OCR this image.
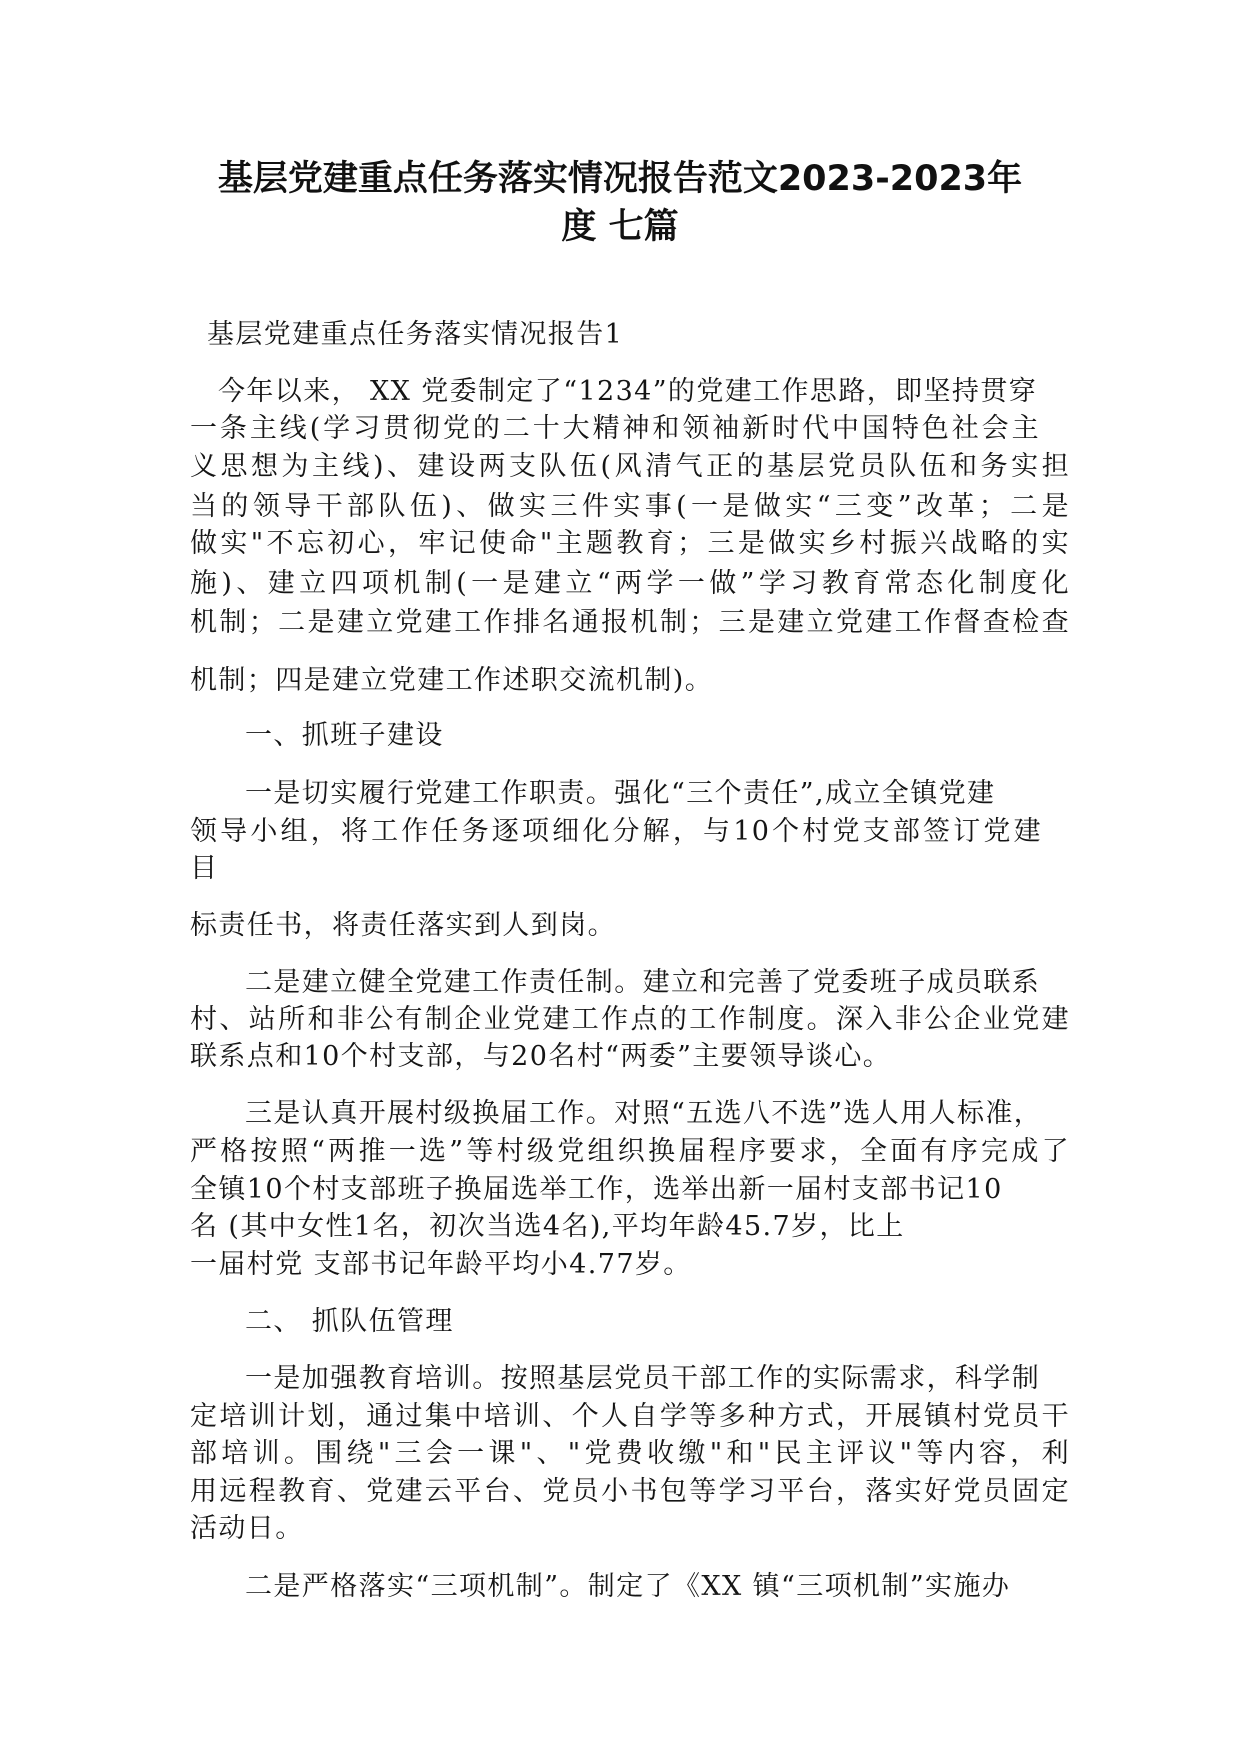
基层党建重点任务落实情况报告范文2023-2023年
度 七篇
基层党建重点任务落实情况报告1
今年以来， XX 党委制定了“1234”的党建工作思路，即坚持贯穿
一条主线(学习贯彻党的二十大精神和领袖新时代中国特色社会主
义思想为主线)、建设两支队伍(风清气正的基层党员队伍和务实担
当的领导干部队伍)、做实三件实事(一是做实“三变”改革；二是
做实"不忘初心，牢记使命"主题教育；三是做实乡村振兴战略的实
施)、建立四项机制(一是建立“两学一做”学习教育常态化制度化
机制；二是建立党建工作排名通报机制；三是建立党建工作督查检查
机制；四是建立党建工作述职交流机制)。
一、抓班子建设
一是切实履行党建工作职责。强化“三个责任”,成立全镇党建
领导小组，将工作任务逐项细化分解，与10个村党支部签订党建
目
标责任书，将责任落实到人到岗。
二是建立健全党建工作责任制。建立和完善了党委班子成员联系
村、站所和非公有制企业党建工作点的工作制度。深入非公企业党建
联系点和10个村支部，与20名村“两委”主要领导谈心。
三是认真开展村级换届工作。对照“五选八不选”选人用人标准，
严格按照“两推一选”等村级党组织换届程序要求，全面有序完成了
全镇10个村支部班子换届选举工作，选举出新一届村支部书记10
名 (其中女性1名，初次当选4名),平均年龄45.7岁，比上
一届村党 支部书记年龄平均小4.77岁。
二、 抓队伍管理
一是加强教育培训。按照基层党员干部工作的实际需求，科学制
定培训计划，通过集中培训、个人自学等多种方式，开展镇村党员干
部培训。围绕"三会一课"、"党费收缴"和"民主评议"等内容，利
用远程教育、党建云平台、党员小书包等学习平台，落实好党员固定
活动日。
二是严格落实“三项机制”。制定了《XX 镇“三项机制”实施办
